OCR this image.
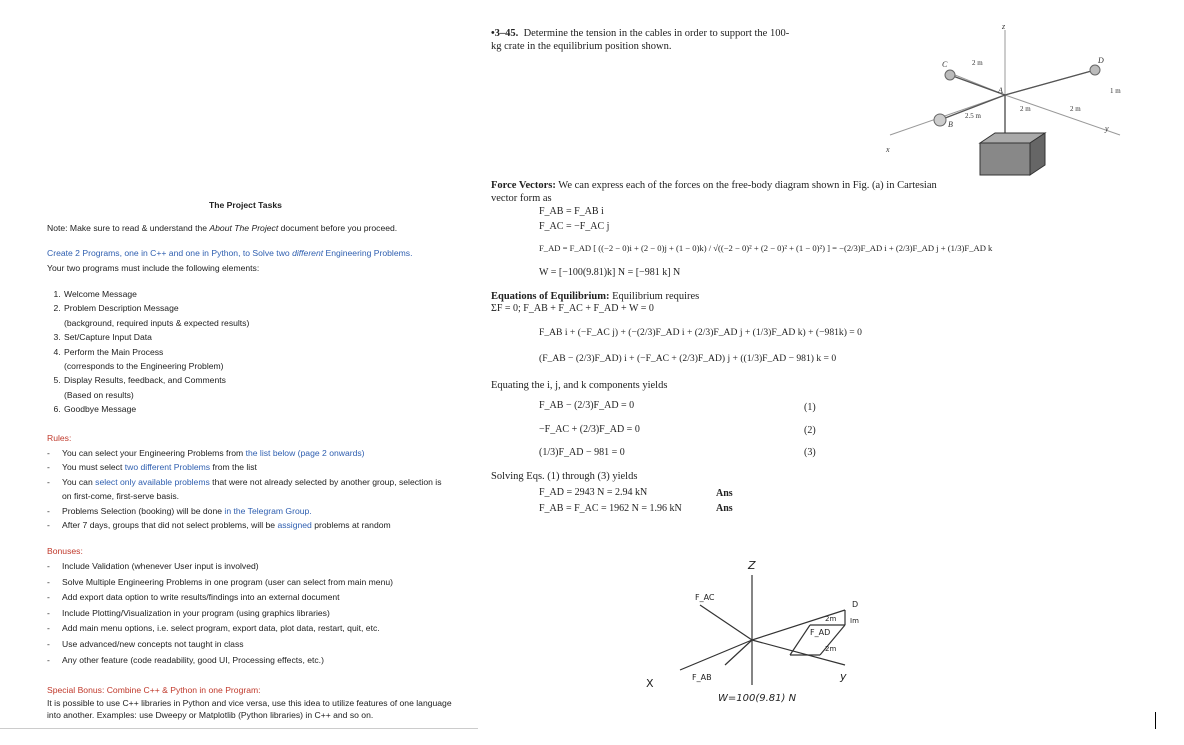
The Project Tasks
Note: Make sure to read & understand the About The Project document before you proceed.
Create 2 Programs, one in C++ and one in Python, to Solve two different Engineering Problems.
Your two programs must include the following elements:
1. Welcome Message
2. Problem Description Message
(background, required inputs & expected results)
3. Set/Capture Input Data
4. Perform the Main Process
(corresponds to the Engineering Problem)
5. Display Results, feedback, and Comments
(Based on results)
6. Goodbye Message
Rules:
- You can select your Engineering Problems from the list below (page 2 onwards)
- You must select two different Problems from the list
- You can select only available problems that were not already selected by another group, selection is on first-come, first-serve basis.
- Problems Selection (booking) will be done in the Telegram Group.
- After 7 days, groups that did not select problems, will be assigned problems at random
Bonuses:
- Include Validation (whenever User input is involved)
- Solve Multiple Engineering Problems in one program (user can select from main menu)
- Add export data option to write results/findings into an external document
- Include Plotting/Visualization in your program (using graphics libraries)
- Add main menu options, i.e. select program, export data, plot data, restart, quit, etc.
- Use advanced/new concepts not taught in class
- Any other feature (code readability, good UI, Processing effects, etc.)
Special Bonus: Combine C++ & Python in one Program:
It is possible to use C++ libraries in Python and vice versa, use this idea to utilize features of one language into another. Examples: use Dweepy or Matplotlib (Python libraries) in C++ and so on.
•3–45. Determine the tension in the cables in order to support the 100-kg crate in the equilibrium position shown.
Force Vectors: We can express each of the forces on the free-body diagram shown in Fig. (a) in Cartesian vector form as
F_AB = F_AB i
F_AC = −F_AC j
F_AD = F_AD [ ((−2 − 0)i + (2 − 0)j + (1 − 0)k) / √((−2 − 0)² + (2 − 0)² + (1 − 0)²) ] = −(2/3)F_AD i + (2/3)F_AD j + (1/3)F_AD k
W = [−100(9.81)k] N = [−981 k] N
Equations of Equilibrium: Equilibrium requires
ΣF = 0; F_AB + F_AC + F_AD + W = 0
F_AB i + (−F_AC j) + (−(2/3)F_AD i + (2/3)F_AD j + (1/3)F_AD k) + (−981k) = 0
(F_AB − (2/3)F_AD) i + (−F_AC + (2/3)F_AD) j + ((1/3)F_AD − 981) k = 0
Equating the i, j, and k components yields
F_AB − (2/3)F_AD = 0
−F_AC + (2/3)F_AD = 0
(1/3)F_AD − 981 = 0
(1)
(2)
(3)
Solving Eqs. (1) through (3) yields
F_AD = 2943 N = 2.94 kN
F_AB = F_AC = 1962 N = 1.96 kN
Ans
Ans
z
C	D
A
B
x
y
2 m
1 m
2.5 m
2 m	2 m
Z
F_AC
F_AD
F_AB
D
X
y
2m Im
2m
W=100(9.81) N
